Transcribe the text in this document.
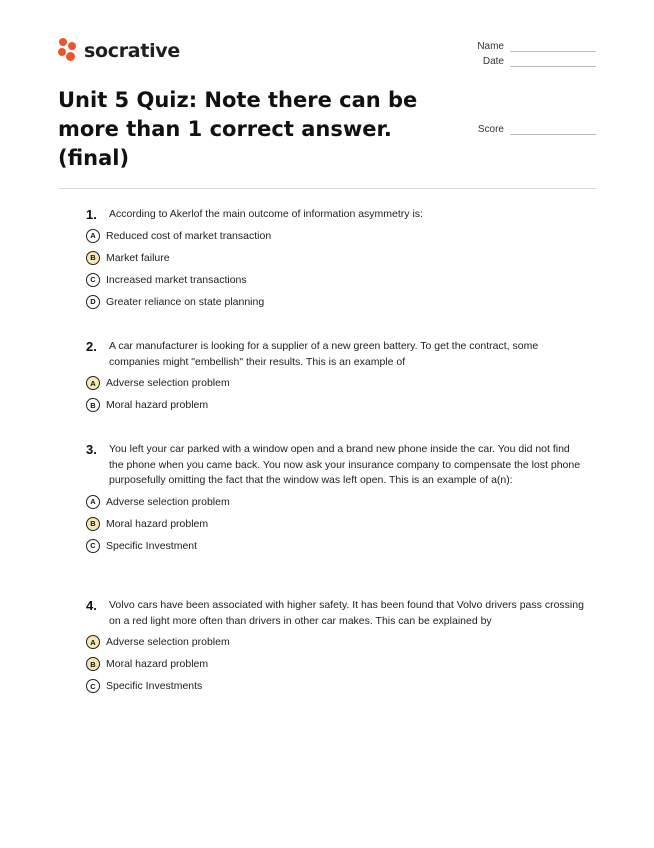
socrative	Name
Date
Score
Unit 5 Quiz: Note there can be more than 1 correct answer. (final)
1.	According to Akerlof the main outcome of information asymmetry is:
A Reduced cost of market transaction
B Market failure
C Increased market transactions
D Greater reliance on state planning
2.	A car manufacturer is looking for a supplier of a new green battery. To get the contract, some companies might "embellish" their results. This is an example of
A Adverse selection problem
B Moral hazard problem
3.	You left your car parked with a window open and a brand new phone inside the car. You did not find the phone when you came back. You now ask your insurance company to compensate the lost phone purposefully omitting the fact that the window was left open. This is an example of a(n):
A Adverse selection problem
B Moral hazard problem
C Specific Investment
4.	Volvo cars have been associated with higher safety. It has been found that Volvo drivers pass crossing on a red light more often than drivers in other car makes. This can be explained by
A Adverse selection problem
B Moral hazard problem
C Specific Investments
